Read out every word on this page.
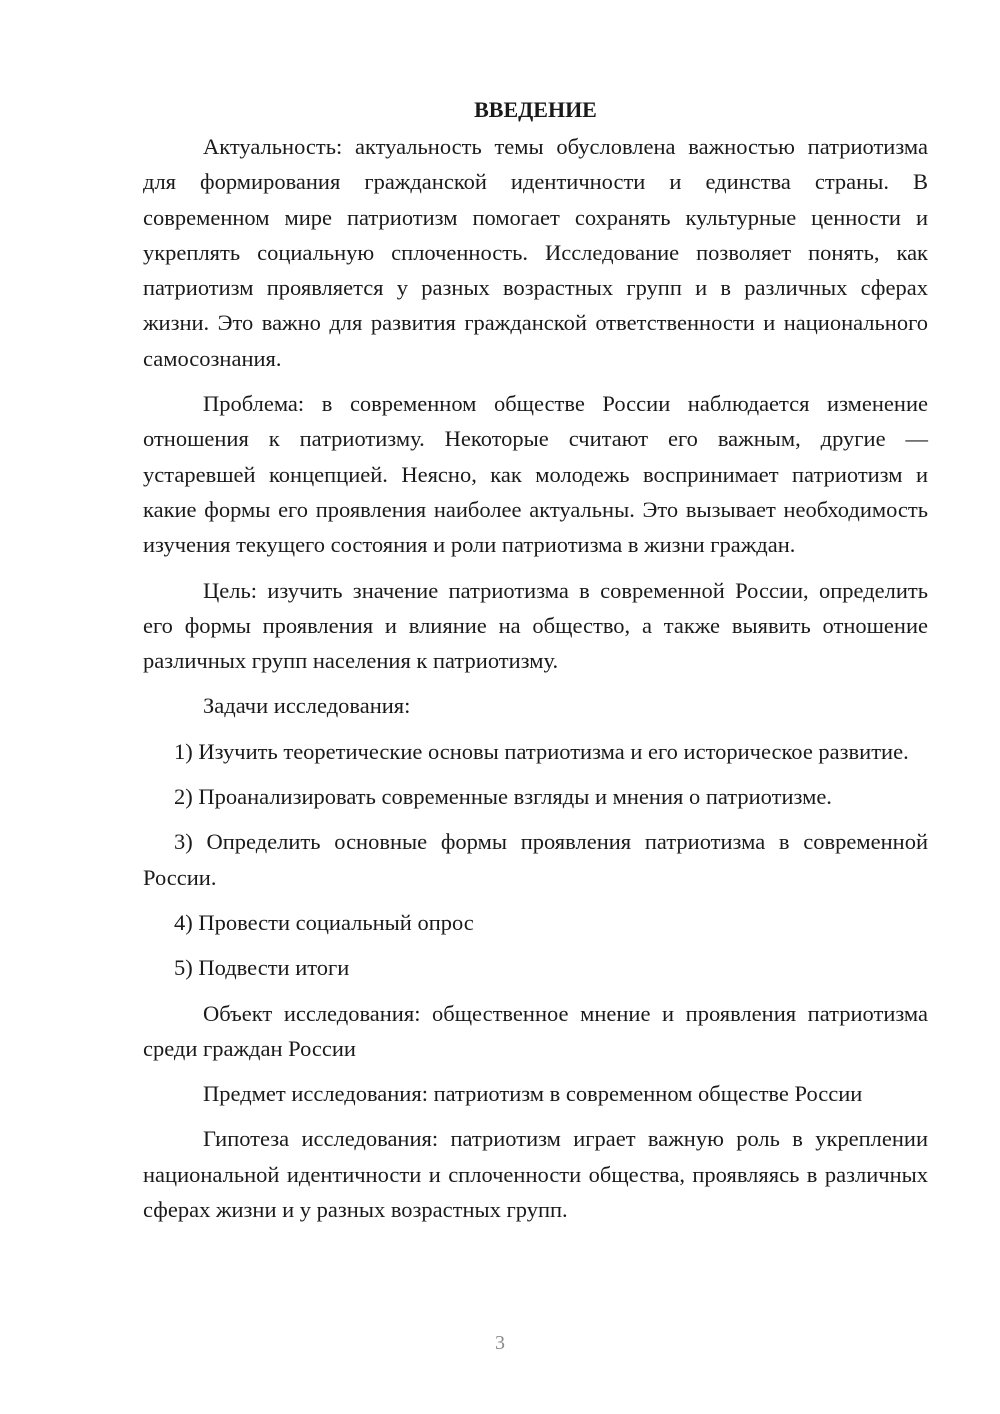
ВВЕДЕНИЕ

Актуальность: актуальность темы обусловлена важностью патриотизма для формирования гражданской идентичности и единства страны. В современном мире патриотизм помогает сохранять культурные ценности и укреплять социальную сплоченность. Исследование позволяет понять, как патриотизм проявляется у разных возрастных групп и в различных сферах жизни. Это важно для развития гражданской ответственности и национального самосознания.

Проблема: в современном обществе России наблюдается изменение отношения к патриотизму. Некоторые считают его важным, другие — устаревшей концепцией. Неясно, как молодежь воспринимает патриотизм и какие формы его проявления наиболее актуальны. Это вызывает необходимость изучения текущего состояния и роли патриотизма в жизни граждан.

Цель: изучить значение патриотизма в современной России, определить его формы проявления и влияние на общество, а также выявить отношение различных групп населения к патриотизму.

Задачи исследования:

1) Изучить теоретические основы патриотизма и его историческое развитие.

2) Проанализировать современные взгляды и мнения о патриотизме.

3) Определить основные формы проявления патриотизма в современной России.

4) Провести социальный опрос

5) Подвести итоги

Объект исследования: общественное мнение и проявления патриотизма среди граждан России

Предмет исследования: патриотизм в современном обществе России

Гипотеза исследования: патриотизм играет важную роль в укреплении национальной идентичности и сплоченности общества, проявляясь в различных сферах жизни и у разных возрастных групп.

3
